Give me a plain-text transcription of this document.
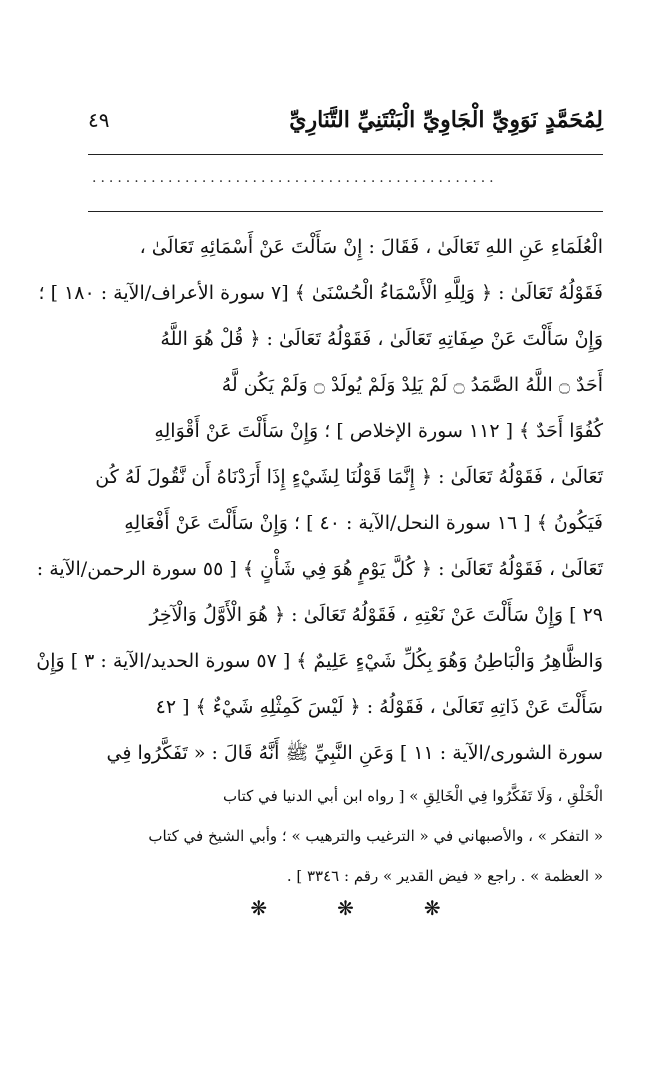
٤٩	لِمُحَمَّدٍ نَوَوِيِّ الْجَاوِيِّ الْبَنْتَنِيِّ التَّنَارِيِّ
................................................
الْعُلَمَاءِ عَنِ اللهِ تَعَالَىٰ ، فَقَالَ : إِنْ سَأَلْتَ عَنْ أَسْمَائِهِ تَعَالَىٰ ،
فَقَوْلُهُ تَعَالَىٰ : ﴿ وَلِلَّهِ الْأَسْمَاءُ الْحُسْنَىٰ ﴾ [٧ سورة الأعراف/الآية : ١٨٠ ] ؛
وَإِنْ سَأَلْتَ عَنْ صِفَاتِهِ تَعَالَىٰ ، فَقَوْلُهُ تَعَالَىٰ : ﴿ قُلْ هُوَ اللَّهُ
أَحَدٌ ۝ اللَّهُ الصَّمَدُ ۝ لَمْ يَلِدْ وَلَمْ يُولَدْ ۝ وَلَمْ يَكُن لَّهُ
كُفُوًا أَحَدٌ ﴾ [ ١١٢ سورة الإخلاص ] ؛ وَإِنْ سَأَلْتَ عَنْ أَقْوَالِهِ
تَعَالَىٰ ، فَقَوْلُهُ تَعَالَىٰ : ﴿ إِنَّمَا قَوْلُنَا لِشَيْءٍ إِذَا أَرَدْنَاهُ أَن نَّقُولَ لَهُ كُن
فَيَكُونُ ﴾ [ ١٦ سورة النحل/الآية : ٤٠ ] ؛ وَإِنْ سَأَلْتَ عَنْ أَفْعَالِهِ
تَعَالَىٰ ، فَقَوْلُهُ تَعَالَىٰ : ﴿ كُلَّ يَوْمٍ هُوَ فِي شَأْنٍ ﴾ [ ٥٥ سورة الرحمن/الآية :
٢٩ ] وَإِنْ سَأَلْتَ عَنْ نَعْتِهِ ، فَقَوْلُهُ تَعَالَىٰ : ﴿ هُوَ الْأَوَّلُ وَالْآخِرُ
وَالظَّاهِرُ وَالْبَاطِنُ وَهُوَ بِكُلِّ شَيْءٍ عَلِيمٌ ﴾ [ ٥٧ سورة الحديد/الآية : ٣ ] وَإِنْ
سَأَلْتَ عَنْ ذَاتِهِ تَعَالَىٰ ، فَقَوْلُهُ : ﴿ لَيْسَ كَمِثْلِهِ شَيْءٌ ﴾ [ ٤٢
سورة الشورى/الآية : ١١ ] وَعَنِ النَّبِيِّ ﷺ أَنَّهُ قَالَ : « تَفَكَّرُوا فِي
الْخَلْقِ ، وَلَا تَفَكَّرُوا فِي الْخَالِقِ » [ رواه ابن أبي الدنيا في كتاب
« التفكر » ، والأصبهاني في « الترغيب والترهيب » ؛ وأبي الشيخ في كتاب
« العظمة » . راجع « فيض القدير » رقم : ٣٣٤٦ ] .
❋	❋	❋
